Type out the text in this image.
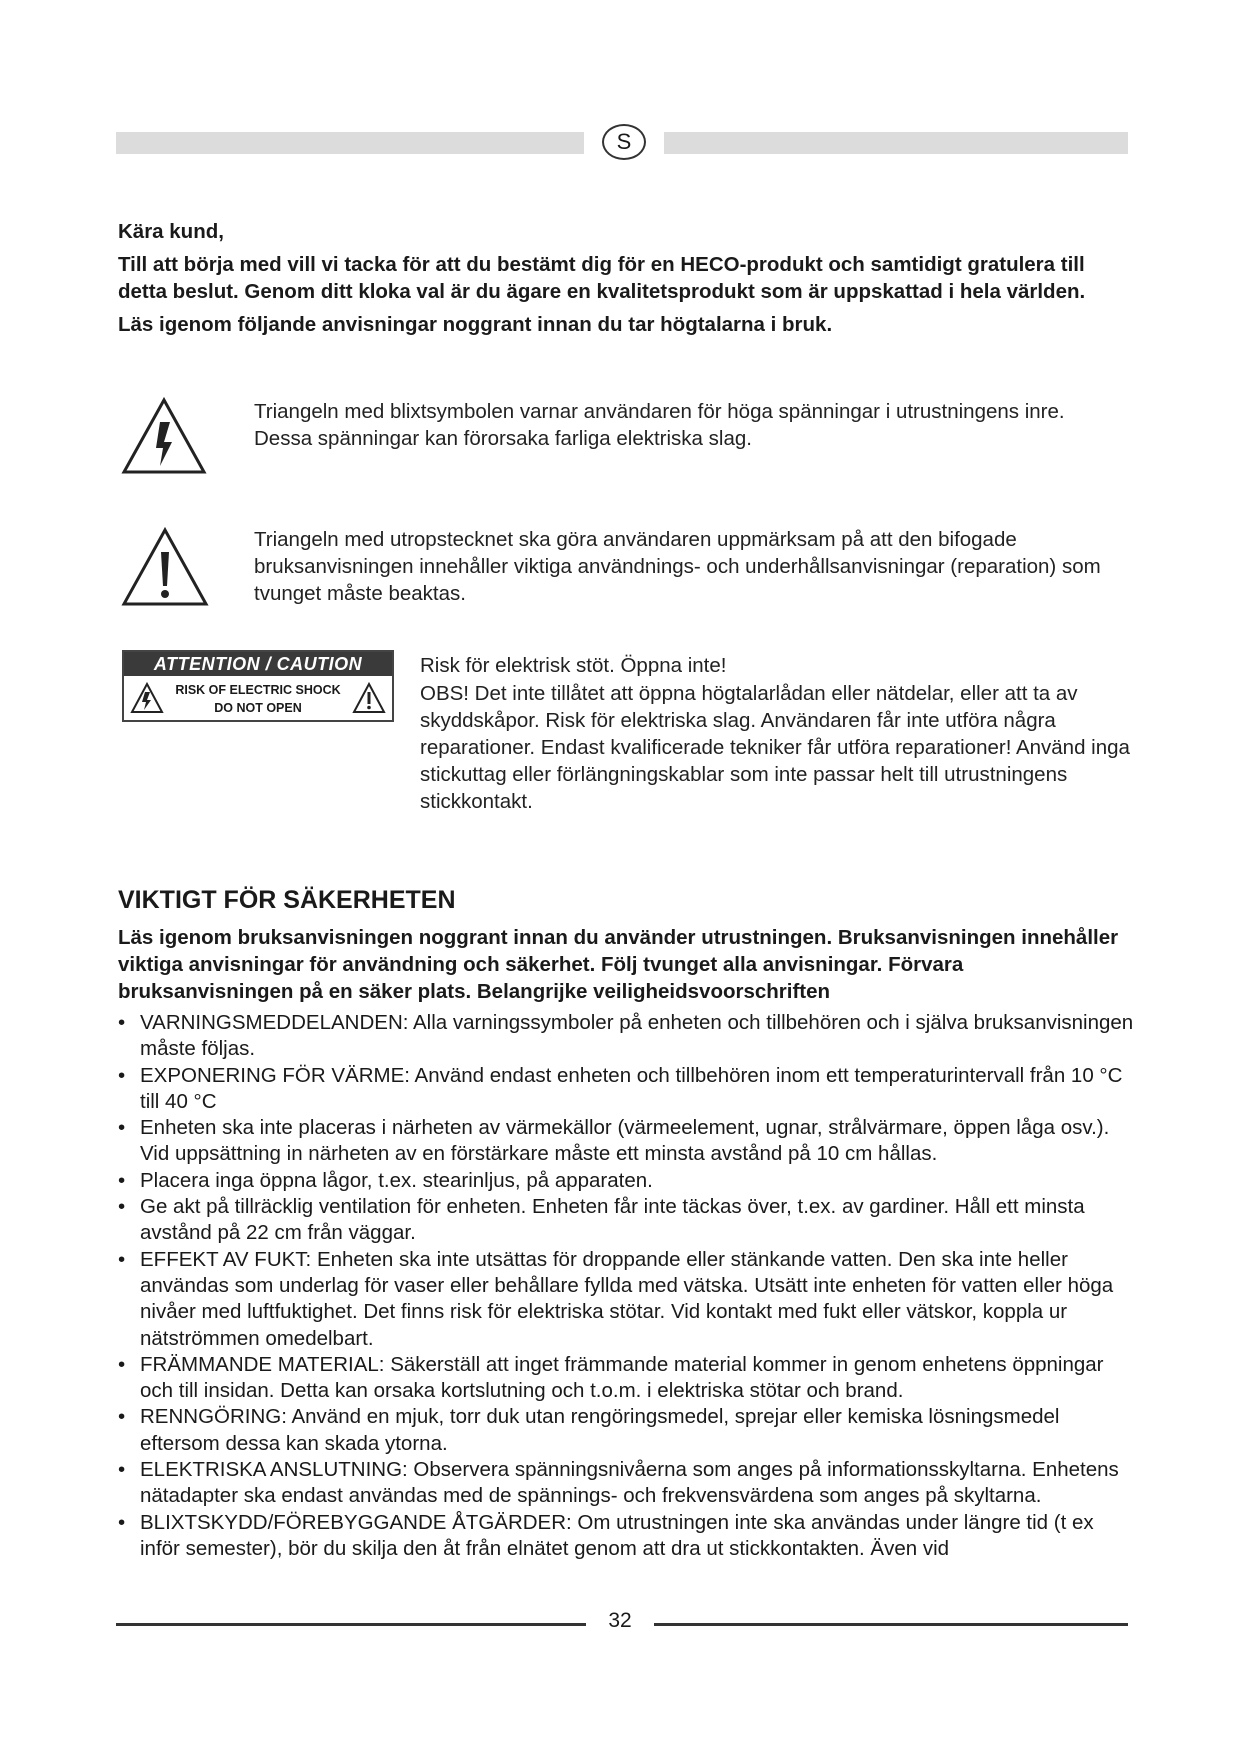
S

Kära kund,

Till att börja med vill vi tacka för att du bestämt dig för en HECO-produkt och samtidigt gratulera till detta beslut. Genom ditt kloka val är du ägare en kvalitetsprodukt som är uppskattad i hela världen.

Läs igenom följande anvisningar noggrant innan du tar högtalarna i bruk.

Triangeln med blixtsymbolen varnar användaren för höga spänningar i utrustningens inre. Dessa spänningar kan förorsaka farliga elektriska slag.
Triangeln med utropstecknet ska göra användaren uppmärksam på att den bifogade bruksanvisningen innehåller viktiga användnings- och underhållsanvisningar (reparation) som tvunget måste beaktas.
ATTENTION / CAUTION
RISK OF ELECTRIC SHOCK
DO NOT OPEN
Risk för elektrisk stöt. Öppna inte!
OBS! Det inte tillåtet att öppna högtalarlådan eller nätdelar, eller att ta av skyddskåpor. Risk för elektriska slag. Användaren får inte utföra några reparationer. Endast kvalificerade tekniker får utföra reparationer! Använd inga stickuttag eller förlängningskablar som inte passar helt till utrustningens stickkontakt.
VIKTIGT FÖR SÄKERHETEN
Läs igenom bruksanvisningen noggrant innan du använder utrustningen. Bruksanvisningen innehåller viktiga anvisningar för användning och säkerhet. Följ tvunget alla anvisningar. Förvara bruksanvisningen på en säker plats. Belangrijke veiligheidsvoorschriften
• VARNINGSMEDDELANDEN: Alla varningssymboler på enheten och tillbehören och i själva bruksanvisningen måste följas.
• EXPONERING FÖR VÄRME: Använd endast enheten och tillbehören inom ett temperaturintervall från 10 °C till 40 °C
• Enheten ska inte placeras i närheten av värmekällor (värmeelement, ugnar, strålvärmare, öppen låga osv.). Vid uppsättning in närheten av en förstärkare måste ett minsta avstånd på 10 cm hållas.
• Placera inga öppna lågor, t.ex. stearinljus, på apparaten.
• Ge akt på tillräcklig ventilation för enheten. Enheten får inte täckas över, t.ex. av gardiner. Håll ett minsta avstånd på 22 cm från väggar.
• EFFEKT AV FUKT: Enheten ska inte utsättas för droppande eller stänkande vatten. Den ska inte heller användas som underlag för vaser eller behållare fyllda med vätska. Utsätt inte enheten för vatten eller höga nivåer med luftfuktighet. Det finns risk för elektriska stötar. Vid kontakt med fukt eller vätskor, koppla ur nätströmmen omedelbart.
• FRÄMMANDE MATERIAL: Säkerställ att inget främmande material kommer in genom enhetens öppningar och till insidan. Detta kan orsaka kortslutning och t.o.m. i elektriska stötar och brand.
• RENNGÖRING: Använd en mjuk, torr duk utan rengöringsmedel, sprejar eller kemiska lösningsmedel eftersom dessa kan skada ytorna.
• ELEKTRISKA ANSLUTNING: Observera spänningsnivåerna som anges på informationsskyltarna. Enhetens nätadapter ska endast användas med de spännings- och frekvensvärdena som anges på skyltarna.
• BLIXTSKYDD/FÖREBYGGANDE ÅTGÄRDER: Om utrustningen inte ska användas under längre tid (t ex inför semester), bör du skilja den åt från elnätet genom att dra ut stickkontakten. Även vid
32
